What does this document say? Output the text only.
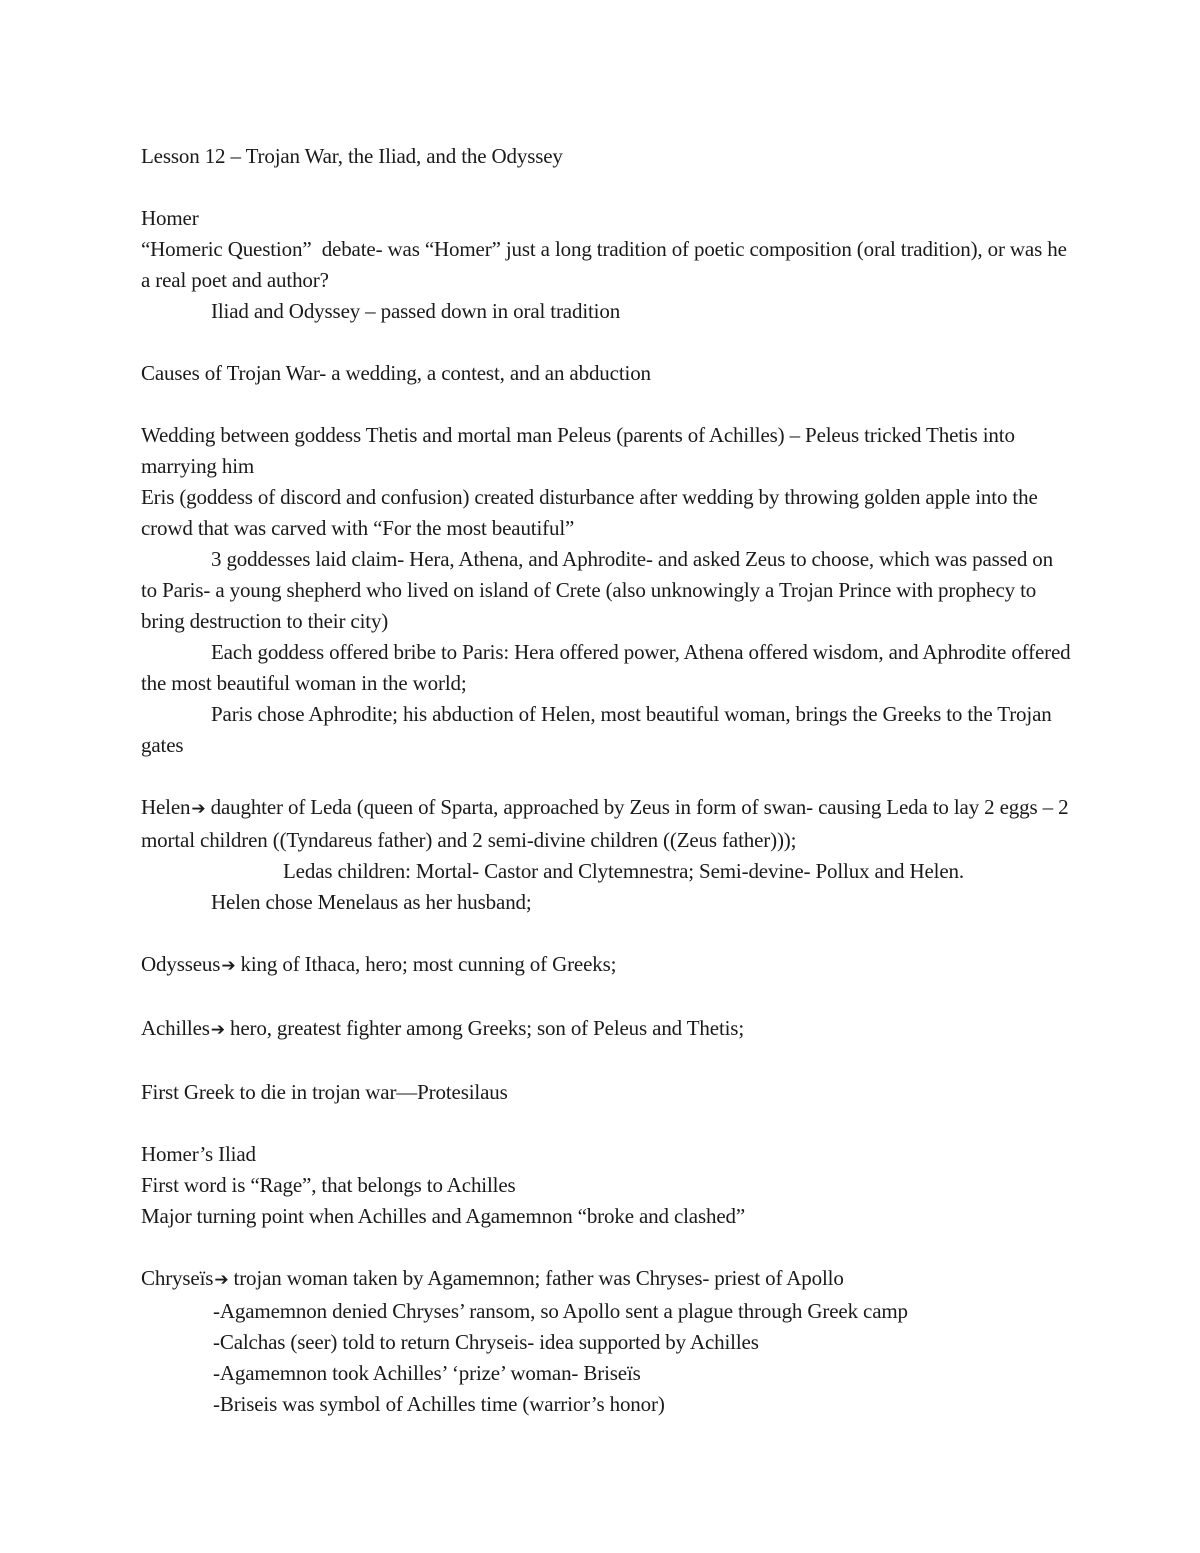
Lesson 12 – Trojan War, the Iliad, and the Odyssey

Homer

“Homeric Question”  debate- was “Homer” just a long tradition of poetic composition (oral tradition), or was he a real poet and author?

Iliad and Odyssey – passed down in oral tradition

Causes of Trojan War- a wedding, a contest, and an abduction

Wedding between goddess Thetis and mortal man Peleus (parents of Achilles) – Peleus tricked Thetis into marrying him

Eris (goddess of discord and confusion) created disturbance after wedding by throwing golden apple into the crowd that was carved with “For the most beautiful”

3 goddesses laid claim- Hera, Athena, and Aphrodite- and asked Zeus to choose, which was passed on to Paris- a young shepherd who lived on island of Crete (also unknowingly a Trojan Prince with prophecy to bring destruction to their city)

Each goddess offered bribe to Paris: Hera offered power, Athena offered wisdom, and Aphrodite offered the most beautiful woman in the world;

Paris chose Aphrodite; his abduction of Helen, most beautiful woman, brings the Greeks to the Trojan gates

Helen➔ daughter of Leda (queen of Sparta, approached by Zeus in form of swan- causing Leda to lay 2 eggs – 2 mortal children ((Tyndareus father) and 2 semi-divine children ((Zeus father)));

Ledas children: Mortal- Castor and Clytemnestra; Semi-devine- Pollux and Helen.

Helen chose Menelaus as her husband;

Odysseus➔ king of Ithaca, hero; most cunning of Greeks;

Achilles➔ hero, greatest fighter among Greeks; son of Peleus and Thetis;

First Greek to die in trojan war—Protesilaus

Homer’s Iliad

First word is “Rage”, that belongs to Achilles

Major turning point when Achilles and Agamemnon “broke and clashed”

Chryseïs➔ trojan woman taken by Agamemnon; father was Chryses- priest of Apollo

-Agamemnon denied Chryses’ ransom, so Apollo sent a plague through Greek camp

-Calchas (seer) told to return Chryseis- idea supported by Achilles

-Agamemnon took Achilles’ ‘prize’ woman- Briseïs

-Briseis was symbol of Achilles time (warrior’s honor)
